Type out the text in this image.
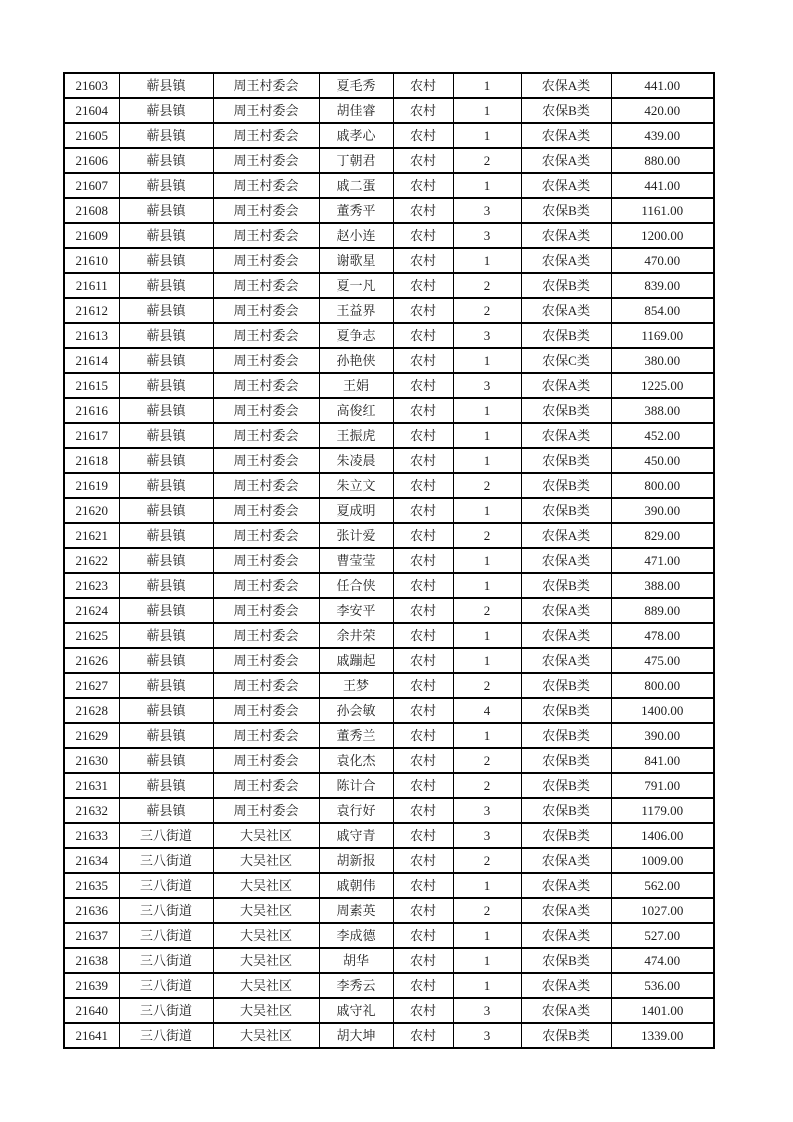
21603	蕲县镇	周王村委会	夏毛秀	农村	1	农保A类	441.00
21604	蕲县镇	周王村委会	胡佳睿	农村	1	农保B类	420.00
21605	蕲县镇	周王村委会	戚孝心	农村	1	农保A类	439.00
21606	蕲县镇	周王村委会	丁朝君	农村	2	农保A类	880.00
21607	蕲县镇	周王村委会	戚二蛋	农村	1	农保A类	441.00
21608	蕲县镇	周王村委会	董秀平	农村	3	农保B类	1161.00
21609	蕲县镇	周王村委会	赵小连	农村	3	农保A类	1200.00
21610	蕲县镇	周王村委会	谢歌星	农村	1	农保A类	470.00
21611	蕲县镇	周王村委会	夏一凡	农村	2	农保B类	839.00
21612	蕲县镇	周王村委会	王益界	农村	2	农保A类	854.00
21613	蕲县镇	周王村委会	夏争志	农村	3	农保B类	1169.00
21614	蕲县镇	周王村委会	孙艳侠	农村	1	农保C类	380.00
21615	蕲县镇	周王村委会	王娟	农村	3	农保A类	1225.00
21616	蕲县镇	周王村委会	高俊红	农村	1	农保B类	388.00
21617	蕲县镇	周王村委会	王振虎	农村	1	农保A类	452.00
21618	蕲县镇	周王村委会	朱凌晨	农村	1	农保B类	450.00
21619	蕲县镇	周王村委会	朱立文	农村	2	农保B类	800.00
21620	蕲县镇	周王村委会	夏成明	农村	1	农保B类	390.00
21621	蕲县镇	周王村委会	张计爱	农村	2	农保A类	829.00
21622	蕲县镇	周王村委会	曹莹莹	农村	1	农保A类	471.00
21623	蕲县镇	周王村委会	任合侠	农村	1	农保B类	388.00
21624	蕲县镇	周王村委会	李安平	农村	2	农保A类	889.00
21625	蕲县镇	周王村委会	余井荣	农村	1	农保A类	478.00
21626	蕲县镇	周王村委会	戚蹦起	农村	1	农保A类	475.00
21627	蕲县镇	周王村委会	王梦	农村	2	农保B类	800.00
21628	蕲县镇	周王村委会	孙会敏	农村	4	农保B类	1400.00
21629	蕲县镇	周王村委会	董秀兰	农村	1	农保B类	390.00
21630	蕲县镇	周王村委会	袁化杰	农村	2	农保B类	841.00
21631	蕲县镇	周王村委会	陈计合	农村	2	农保B类	791.00
21632	蕲县镇	周王村委会	袁行好	农村	3	农保B类	1179.00
21633	三八街道	大吴社区	戚守青	农村	3	农保B类	1406.00
21634	三八街道	大吴社区	胡新报	农村	2	农保A类	1009.00
21635	三八街道	大吴社区	戚朝伟	农村	1	农保A类	562.00
21636	三八街道	大吴社区	周素英	农村	2	农保A类	1027.00
21637	三八街道	大吴社区	李成德	农村	1	农保A类	527.00
21638	三八街道	大吴社区	胡华	农村	1	农保B类	474.00
21639	三八街道	大吴社区	李秀云	农村	1	农保A类	536.00
21640	三八街道	大吴社区	戚守礼	农村	3	农保A类	1401.00
21641	三八街道	大吴社区	胡大坤	农村	3	农保B类	1339.00
